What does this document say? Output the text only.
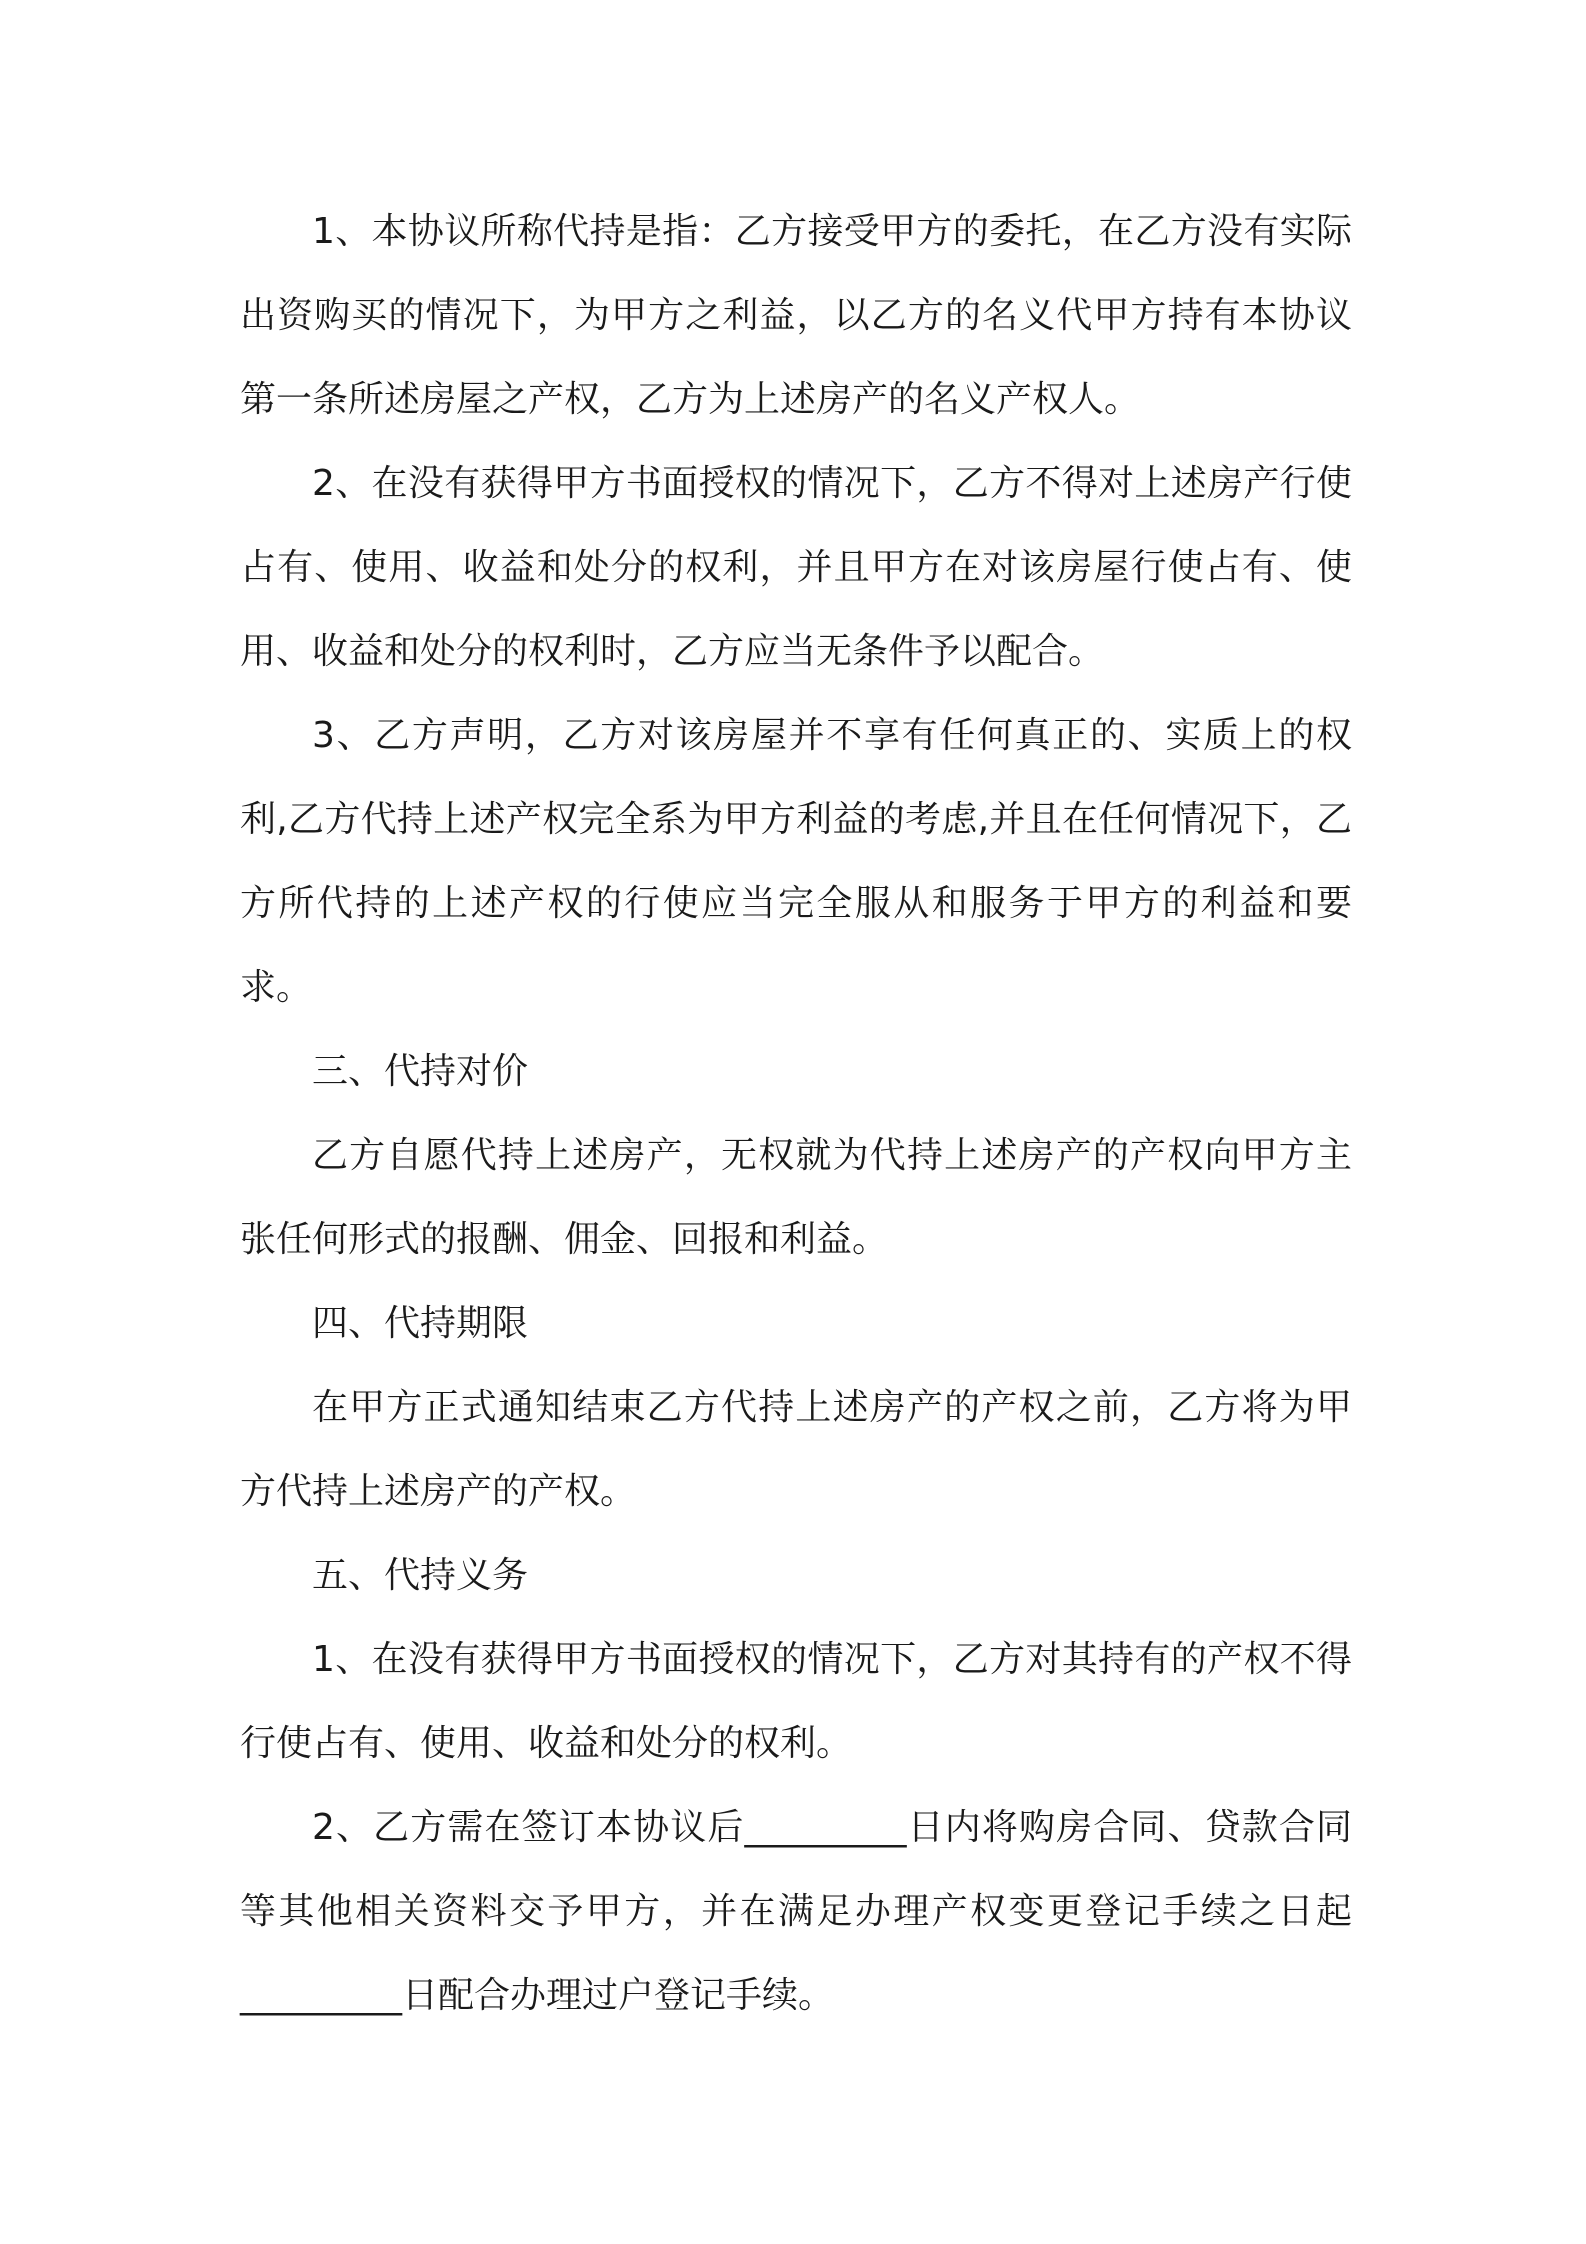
1、本协议所称代持是指：乙方接受甲方的委托，在乙方没有实际出资购买的情况下，为甲方之利益，以乙方的名义代甲方持有本协议第一条所述房屋之产权，乙方为上述房产的名义产权人。

2、在没有获得甲方书面授权的情况下，乙方不得对上述房产行使占有、使用、收益和处分的权利，并且甲方在对该房屋行使占有、使用、收益和处分的权利时，乙方应当无条件予以配合。

3、乙方声明，乙方对该房屋并不享有任何真正的、实质上的权利,乙方代持上述产权完全系为甲方利益的考虑,并且在任何情况下，乙方所代持的上述产权的行使应当完全服从和服务于甲方的利益和要求。

三、代持对价

乙方自愿代持上述房产，无权就为代持上述房产的产权向甲方主张任何形式的报酬、佣金、回报和利益。

四、代持期限

在甲方正式通知结束乙方代持上述房产的产权之前，乙方将为甲方代持上述房产的产权。

五、代持义务

1、在没有获得甲方书面授权的情况下，乙方对其持有的产权不得行使占有、使用、收益和处分的权利。

2、乙方需在签订本协议后_________日内将购房合同、贷款合同等其他相关资料交予甲方，并在满足办理产权变更登记手续之日起_________日配合办理过户登记手续。
